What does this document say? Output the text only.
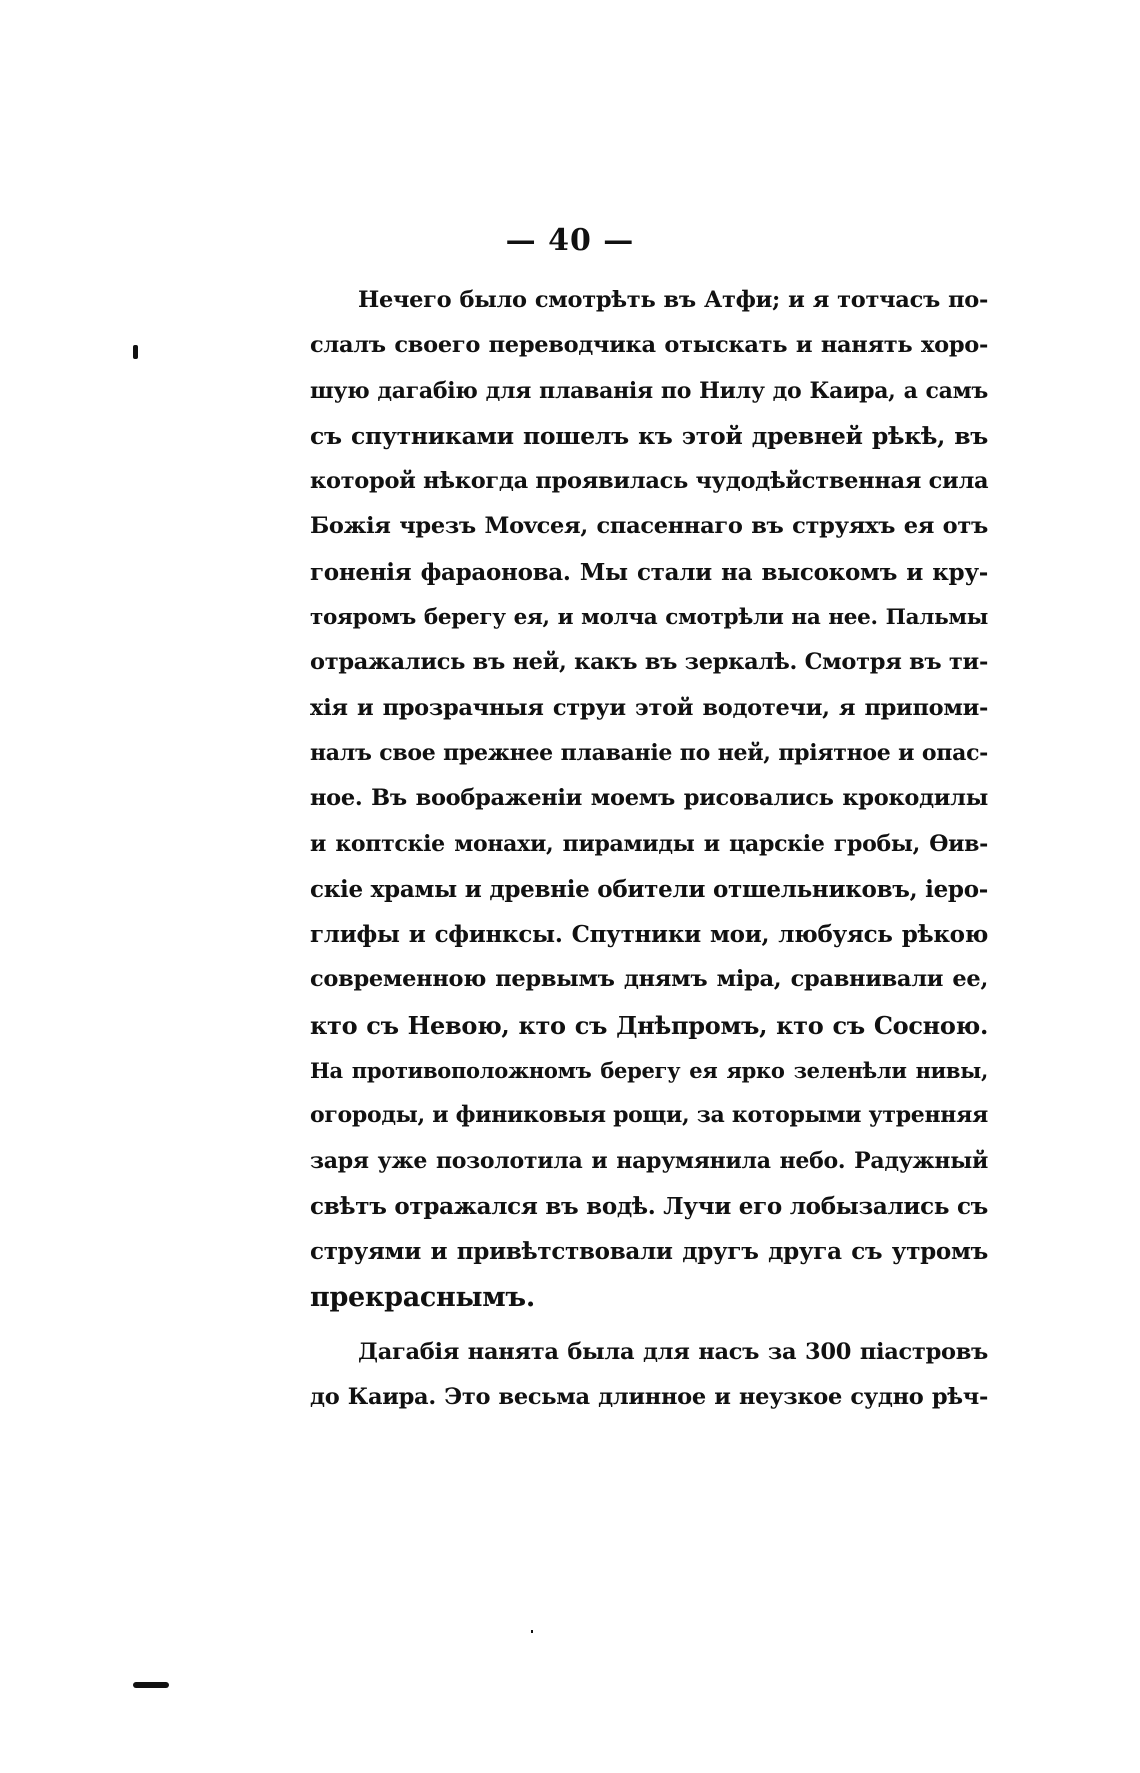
— 40 —
Нечего было смотрѣть въ Атфи; и я тотчасъ по-
слалъ своего переводчика отыскать и нанять хоро-
шую дагабію для плаванія по Нилу до Каира, а самъ
съ спутниками пошелъ къ этой древней рѣкѣ, въ
которой нѣкогда проявилась чудодѣйственная сила
Божія чрезъ Моvсея, спасеннаго въ струяхъ ея отъ
гоненія фараонова. Мы стали на высокомъ и кру-
тояромъ берегу ея, и молча смотрѣли на нее. Пальмы
отражались въ ней, какъ въ зеркалѣ. Смотря въ ти-
хія и прозрачныя струи этой водотечи, я припоми-
налъ свое прежнее плаваніе по ней, пріятное и опас-
ное. Въ воображеніи моемъ рисовались крокодилы
и коптскіе монахи, пирамиды и царскіе гробы, Өив-
скіе храмы и древніе обители отшельниковъ, іеро-
глифы и сфинксы. Спутники мои, любуясь рѣкою
современною первымъ днямъ міра, сравнивали ее,
кто съ Невою, кто съ Днѣпромъ, кто съ Сосною.
На противоположномъ берегу ея ярко зеленѣли нивы,
огороды, и финиковыя рощи, за которыми утренняя
заря уже позолотила и нарумянила небо. Радужный
свѣтъ отражался въ водѣ. Лучи его лобызались съ
струями и привѣтствовали другъ друга съ утромъ
прекраснымъ.
Дагабія нанята была для насъ за 300 піастровъ
до Каира. Это весьма длинное и неузкое судно рѣч-
